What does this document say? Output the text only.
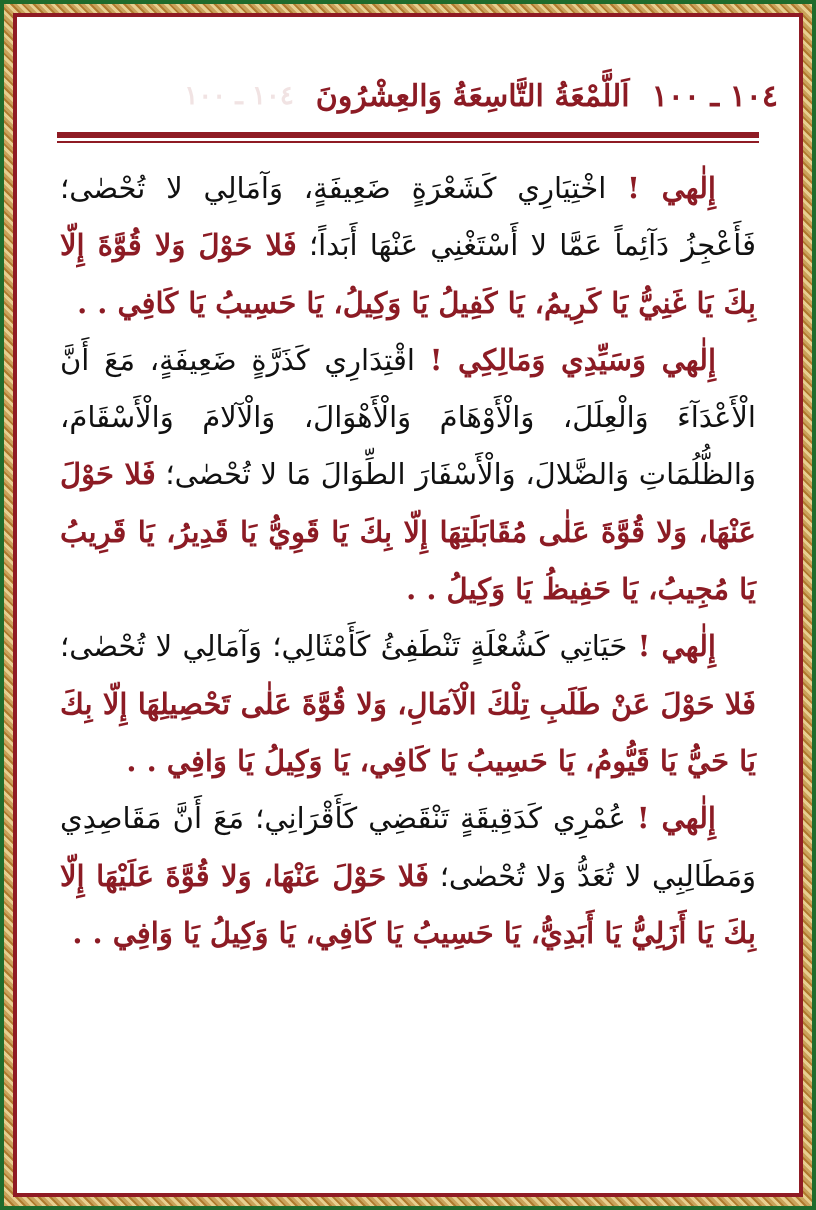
١٠٤ ـ ١٠٠
اَللَّمْعَةُ التَّاسِعَةُ وَالعِشْرُونَ
١٠٤ ـ ١٠٠

إِلٰهي ! اخْتِيَارِي كَشَعْرَةٍ ضَعِيفَةٍ، وَآمَالِي لا تُحْصٰى؛ فَأَعْجِزُ دَآئِماً عَمَّا لا أَسْتَغْنِي عَنْهَا أَبَداً؛ فَلا حَوْلَ وَلا قُوَّةَ إِلّا بِكَ يَا غَنِيُّ يَا كَرِيمُ، يَا كَفِيلُ يَا وَكِيلُ، يَا حَسِيبُ يَا كَافِي . .

إِلٰهي وَسَيِّدِي وَمَالِكِي ! اقْتِدَارِي كَذَرَّةٍ ضَعِيفَةٍ، مَعَ أَنَّ الْأَعْدَآءَ وَالْعِلَلَ، وَالْأَوْهَامَ وَالْأَهْوَالَ، وَالْآلامَ وَالْأَسْقَامَ، وَالظُّلُمَاتِ وَالضَّلالَ، وَالْأَسْفَارَ الطِّوَالَ مَا لا تُحْصٰى؛ فَلا حَوْلَ عَنْهَا، وَلا قُوَّةَ عَلٰى مُقَابَلَتِهَا إِلّا بِكَ يَا قَوِيُّ يَا قَدِيرُ، يَا قَرِيبُ يَا مُجِيبُ، يَا حَفِيظُ يَا وَكِيلُ . .

إِلٰهي ! حَيَاتِي كَشُعْلَةٍ تَنْطَفِئُ كَأَمْثَالِي؛ وَآمَالِي لا تُحْصٰى؛ فَلا حَوْلَ عَنْ طَلَبِ تِلْكَ الْآمَالِ، وَلا قُوَّةَ عَلٰى تَحْصِيلِهَا إِلّا بِكَ يَا حَيُّ يَا قَيُّومُ، يَا حَسِيبُ يَا كَافِي، يَا وَكِيلُ يَا وَافِي . .

إِلٰهي ! عُمْرِي كَدَقِيقَةٍ تَنْقَضِي كَأَقْرَانِي؛ مَعَ أَنَّ مَقَاصِدِي وَمَطَالِبِي لا تُعَدُّ وَلا تُحْصٰى؛ فَلا حَوْلَ عَنْهَا، وَلا قُوَّةَ عَلَيْهَا إِلّا بِكَ يَا أَزَلِيُّ يَا أَبَدِيُّ، يَا حَسِيبُ يَا كَافِي، يَا وَكِيلُ يَا وَافِي . .
